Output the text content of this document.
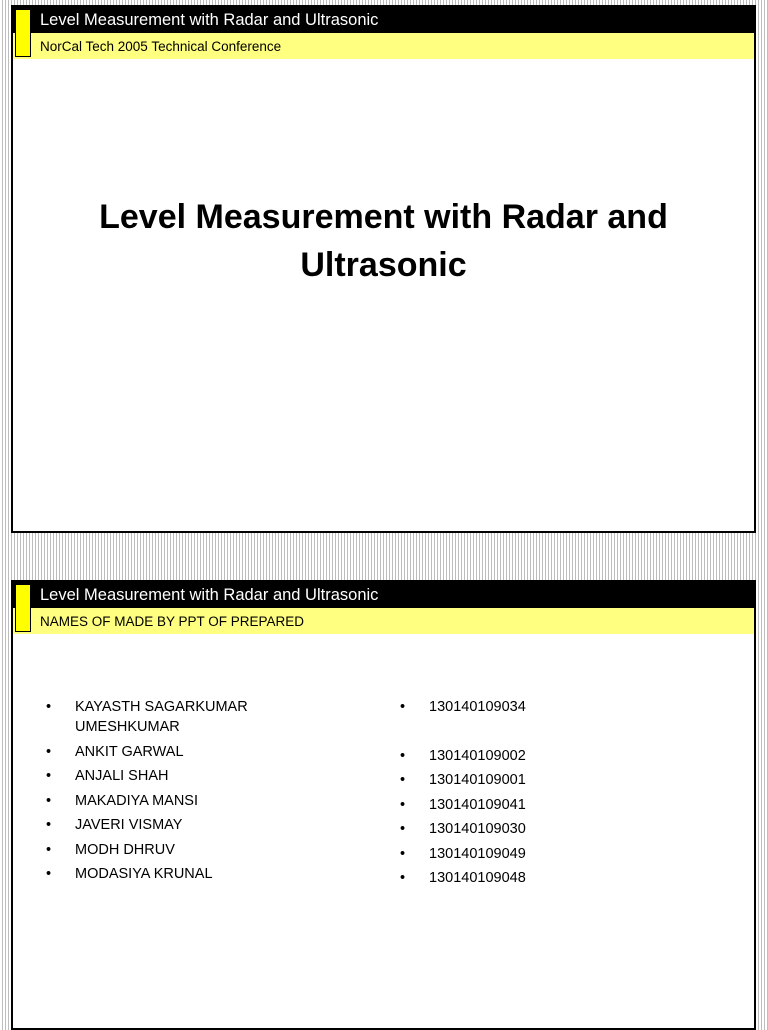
Level Measurement with Radar and Ultrasonic
NorCal Tech 2005 Technical Conference
Level Measurement with Radar and
Ultrasonic
Level Measurement with Radar and Ultrasonic
NAMES OF MADE BY PPT OF PREPARED
• KAYASTH SAGARKUMAR UMESHKUMAR
• ANKIT GARWAL
• ANJALI SHAH
• MAKADIYA MANSI
• JAVERI VISMAY
• MODH DHRUV
• MODASIYA KRUNAL
• 130140109034
• 130140109002
• 130140109001
• 130140109041
• 130140109030
• 130140109049
• 130140109048
